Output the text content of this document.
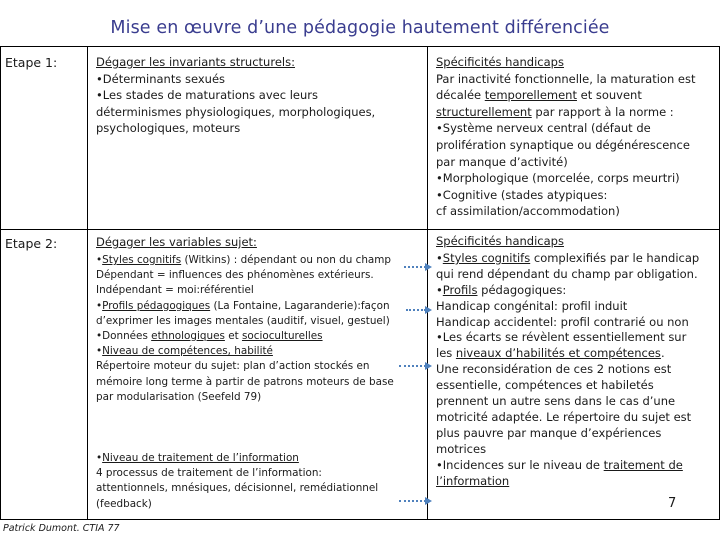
Mise en œuvre d’une pédagogie hautement différenciée
Etape 1:	Dégager les invariants structurels:
•Déterminants sexués
•Les stades de maturations avec leurs
déterminismes physiologiques, morphologiques,
psychologiques, moteurs
Spécificités handicaps
Par inactivité fonctionnelle, la maturation est
décalée temporellement et souvent
structurellement par rapport à la norme :
•Système nerveux central (défaut de
prolifération synaptique ou dégénérescence
par manque d’activité)
•Morphologique (morcelée, corps meurtri)
•Cognitive (stades atypiques:
cf assimilation/accommodation)
Etape 2:	Dégager les variables sujet:
•Styles cognitifs (Witkins) : dépendant ou non du champ
Dépendant = influences des phénomènes extérieurs.
Indépendant = moi:référentiel
•Profils pédagogiques (La Fontaine, Lagaranderie):façon
d’exprimer les images mentales (auditif, visuel, gestuel)
•Données ethnologiques et socioculturelles
•Niveau de compétences, habilité
Répertoire moteur du sujet: plan d’action stockés en
mémoire long terme à partir de patrons moteurs de base
par modularisation (Seefeld 79)
•Niveau de traitement de l’information
4 processus de traitement de l’information:
attentionnels, mnésiques, décisionnel, remédiationnel
(feedback)
Spécificités handicaps
•Styles cognitifs complexifiés par le handicap
qui rend dépendant du champ par obligation.
•Profils pédagogiques:
Handicap congénital: profil induit
Handicap accidentel: profil contrarié ou non
•Les écarts se révèlent essentiellement sur
les niveaux d’habilités et compétences.
Une reconsidération de ces 2 notions est
essentielle, compétences et habiletés
prennent un autre sens dans le cas d’une
motricité adaptée. Le répertoire du sujet est
plus pauvre par manque d’expériences
motrices
•Incidences sur le niveau de traitement de
l’information
7
Patrick Dumont. CTIA 77
